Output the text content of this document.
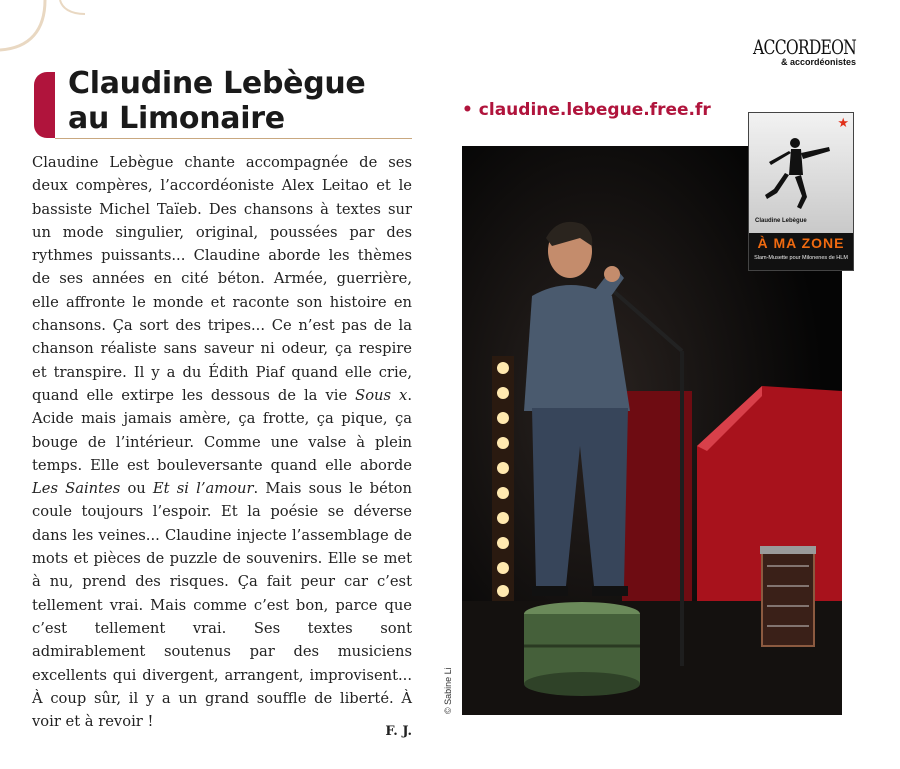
ACCORDEON
& accordéonistes
Claudine Lebègue
au Limonaire

Claudine Lebègue chante accompagnée de ses deux compères, l’accordéoniste Alex Leitao et le bassiste Michel Taïeb. Des chansons à textes sur un mode singulier, original, poussées par des rythmes puissants... Claudine aborde les thèmes de ses années en cité béton. Armée, guerrière, elle affronte le monde et raconte son histoire en chansons. Ça sort des tripes... Ce n’est pas de la chanson réaliste sans saveur ni odeur, ça respire et transpire. Il y a du Édith Piaf quand elle crie, quand elle extirpe les dessous de la vie Sous x. Acide mais jamais amère, ça frotte, ça pique, ça bouge de l’intérieur. Comme une valse à plein temps. Elle est bouleversante quand elle aborde Les Saintes ou Et si l’amour. Mais sous le béton coule toujours l’espoir. Et la poésie se déverse dans les veines... Claudine injecte l’assemblage de mots et pièces de puzzle de souvenirs. Elle se met à nu, prend des risques. Ça fait peur car c’est tellement vrai. Mais comme c’est bon, parce que c’est tellement vrai. Ses textes sont admirablement soutenus par des musiciens excellents qui divergent, arrangent, improvisent... À coup sûr, il y a un grand souffle de liberté. À voir et à revoir !

F. J.
• claudine.lebegue.free.fr
© Sabine Li
★
Claudine Lebègue
À MA ZONE
Slam-Musette pour Milonenes de HLM
